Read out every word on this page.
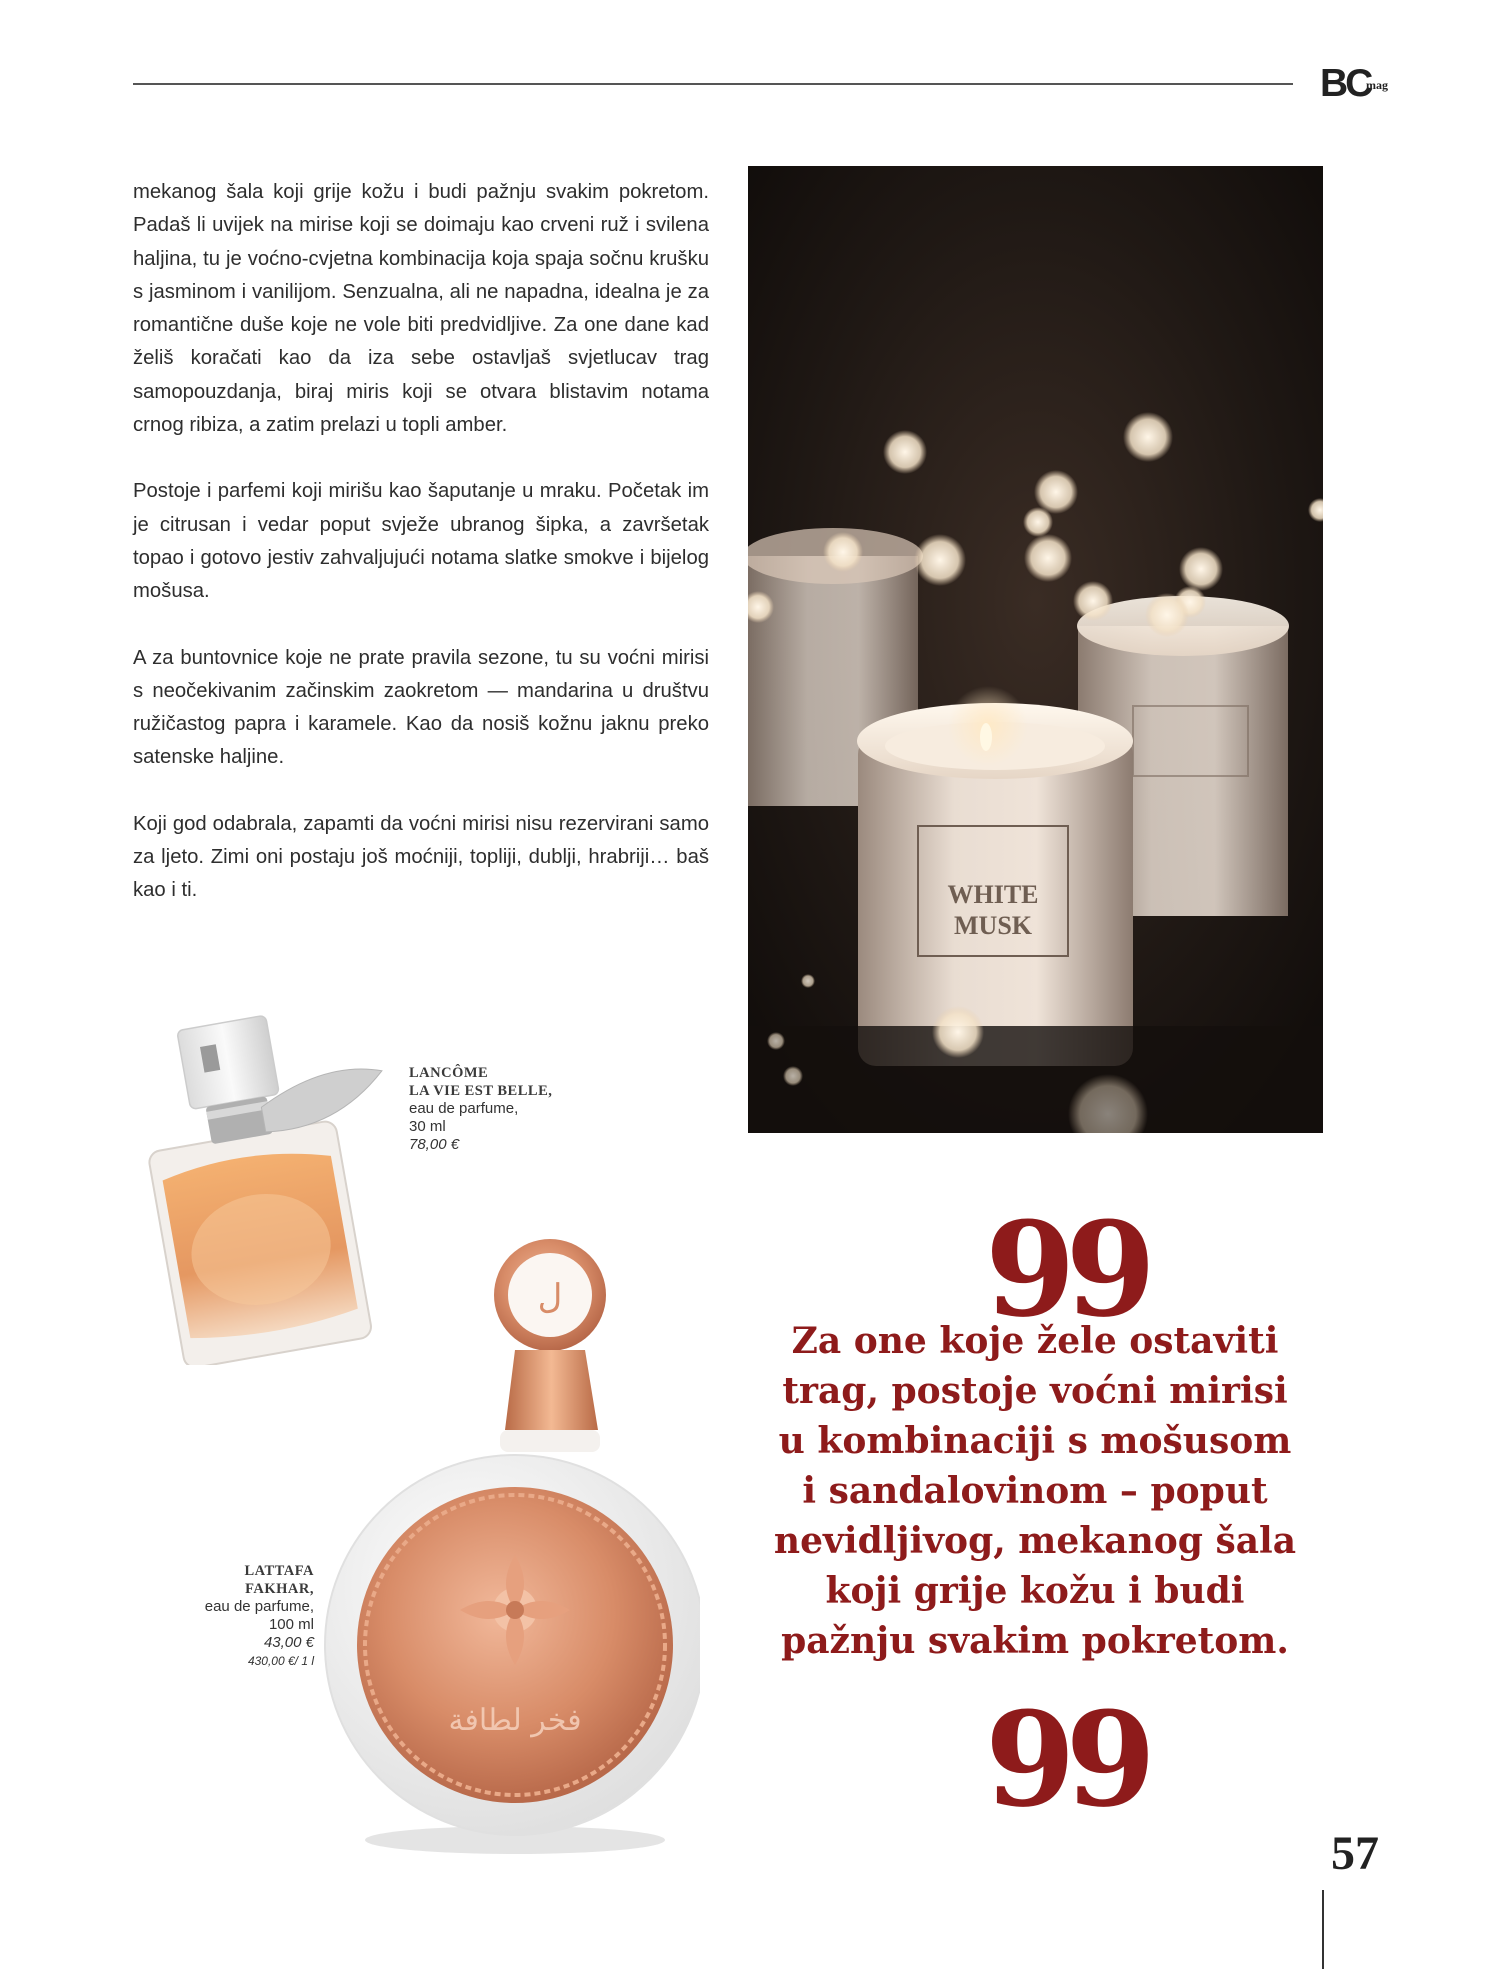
BC
mag

mekanog šala koji grije kožu i budi pažnju svakim pokretom. Padaš li uvijek na mirise koji se doimaju kao crveni ruž i svilena haljina, tu je voćno-cvjetna kombinacija koja spaja sočnu krušku s jasminom i vanilijom. Senzualna, ali ne napadna, idealna je za romantične duše koje ne vole biti predvidljive. Za one dane kad želiš koračati kao da iza sebe ostavljaš svjetlucav trag samopouzdanja, biraj miris koji se otvara blistavim notama crnog ribiza, a zatim prelazi u topli amber.

Postoje i parfemi koji mirišu kao šaputanje u mraku. Početak im je citrusan i vedar poput svježe ubranog šipka, a završetak topao i gotovo jestiv zahvaljujući notama slatke smokve i bijelog mošusa.

A za buntovnice koje ne prate pravila sezone, tu su voćni mirisi s neočekivanim začinskim zaokretom — mandarina u društvu ružičastog papra i karamele. Kao da nosiš kožnu jaknu preko satenske haljine.

Koji god odabrala, zapamti da voćni mirisi nisu rezervirani samo za ljeto. Zimi oni postaju još moćniji, topliji, dublji, hrabriji… baš kao i ti.	WHITE
MUSK
LANCÔME
LA VIE EST BELLE,
eau de parfume,
30 ml
78,00 €
ل
فخر لطافة
LATTAFA
FAKHAR,
eau de parfume,
100 ml
43,00 €
430,00 €/ 1 l
99

Za one koje žele ostaviti trag, postoje voćni mirisi u kombinaciji s mošusom i sandalovinom – poput nevidljivog, mekanog šala koji grije kožu i budi pažnju svakim pokretom.

99
57
